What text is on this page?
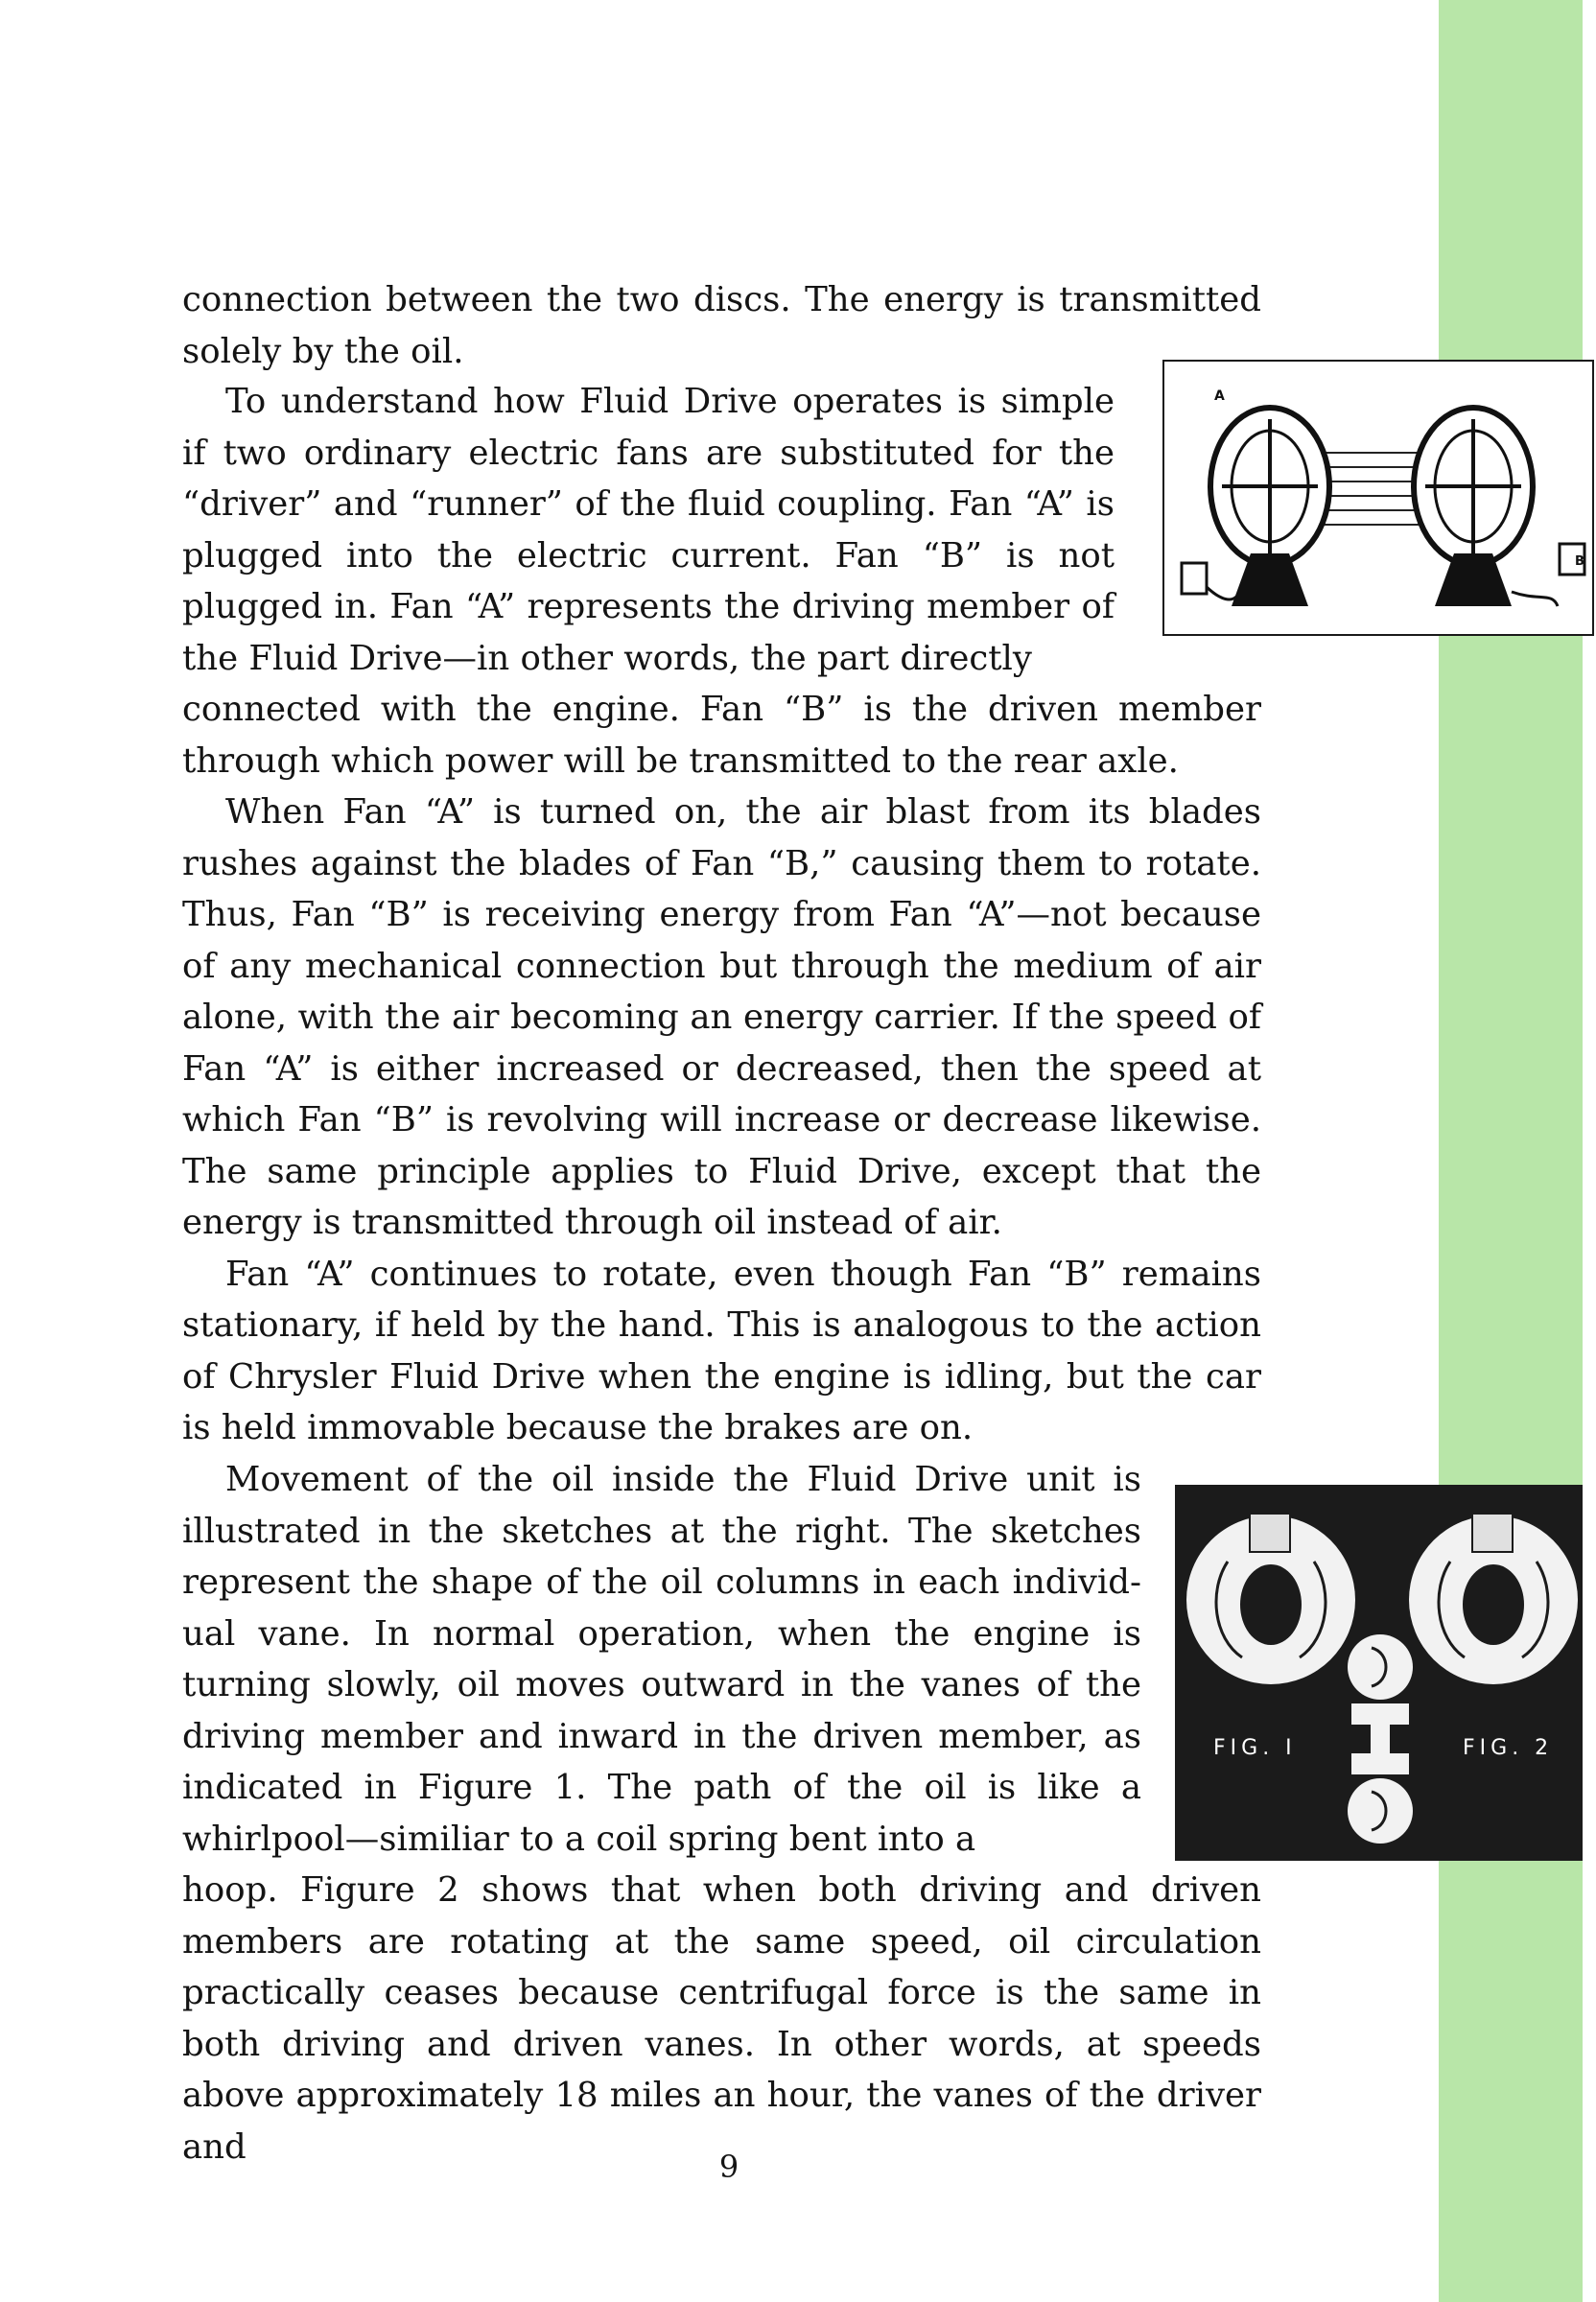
connection between the two discs. The energy is transmitted solely by the oil.

To understand how Fluid Drive operates is simple if two ordinary electric fans are substituted for the “driver” and “runner” of the fluid coupling. Fan “A” is plugged into the electric current. Fan “B” is not plugged in. Fan “A” represents the driving member of the Fluid Drive—in other words, the part directly

connected with the engine. Fan “B” is the driven member through which power will be transmitted to the rear axle.

When Fan “A” is turned on, the air blast from its blades rushes against the blades of Fan “B,” causing them to rotate. Thus, Fan “B” is receiving energy from Fan “A”—not because of any mechanical connection but through the medium of air alone, with the air becoming an energy carrier. If the speed of Fan “A” is either increased or decreased, then the speed at which Fan “B” is revolving will increase or decrease likewise. The same principle applies to Fluid Drive, except that the energy is transmitted through oil instead of air.

Fan “A” continues to rotate, even though Fan “B” remains stationary, if held by the hand. This is analogous to the action of Chrysler Fluid Drive when the engine is idling, but the car is held immovable because the brakes are on.

Movement of the oil inside the Fluid Drive unit is illustrated in the sketches at the right. The sketches represent the shape of the oil columns in each individual vane. In normal operation, when the engine is turning slowly, oil moves outward in the vanes of the driving member and inward in the driven member, as indicated in Figure 1. The path of the oil is like a whirlpool—similiar to a coil spring bent into a

hoop. Figure 2 shows that when both driving and driven members are rotating at the same speed, oil circulation practically ceases because centrifugal force is the same in both driving and driven vanes. In other words, at speeds above approximately 18 miles an hour, the vanes of the driver and

A
B
FIG. I	FIG. 2
9
